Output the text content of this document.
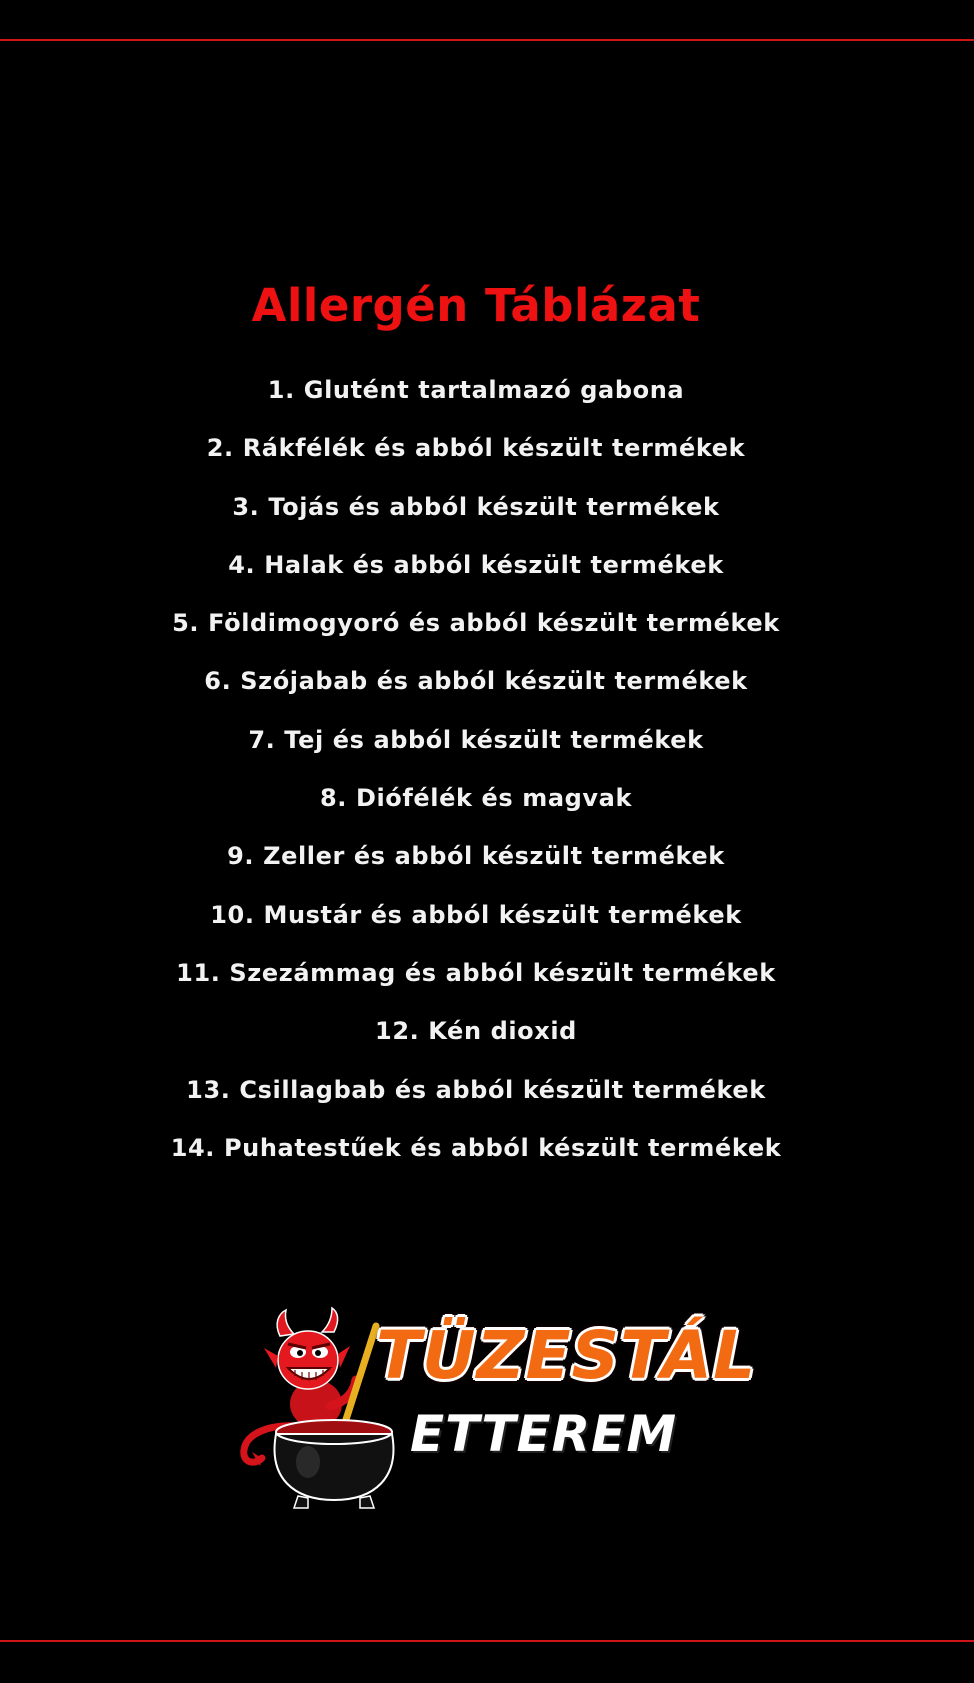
Allergén Táblázat
1. Glutént tartalmazó gabona
2. Rákfélék és abból készült termékek
3. Tojás és abból készült termékek
4. Halak és abból készült termékek
5. Földimogyoró és abból készült termékek
6. Szójabab és abból készült termékek
7. Tej és abból készült termékek
8. Diófélék és magvak
9. Zeller és abból készült termékek
10. Mustár és abból készült termékek
11. Szezámmag és abból készült termékek
12. Kén dioxid
13. Csillagbab és abból készült termékek
14. Puhatestűek és abból készült termékek
TÜZESTÁL
ETTEREM
